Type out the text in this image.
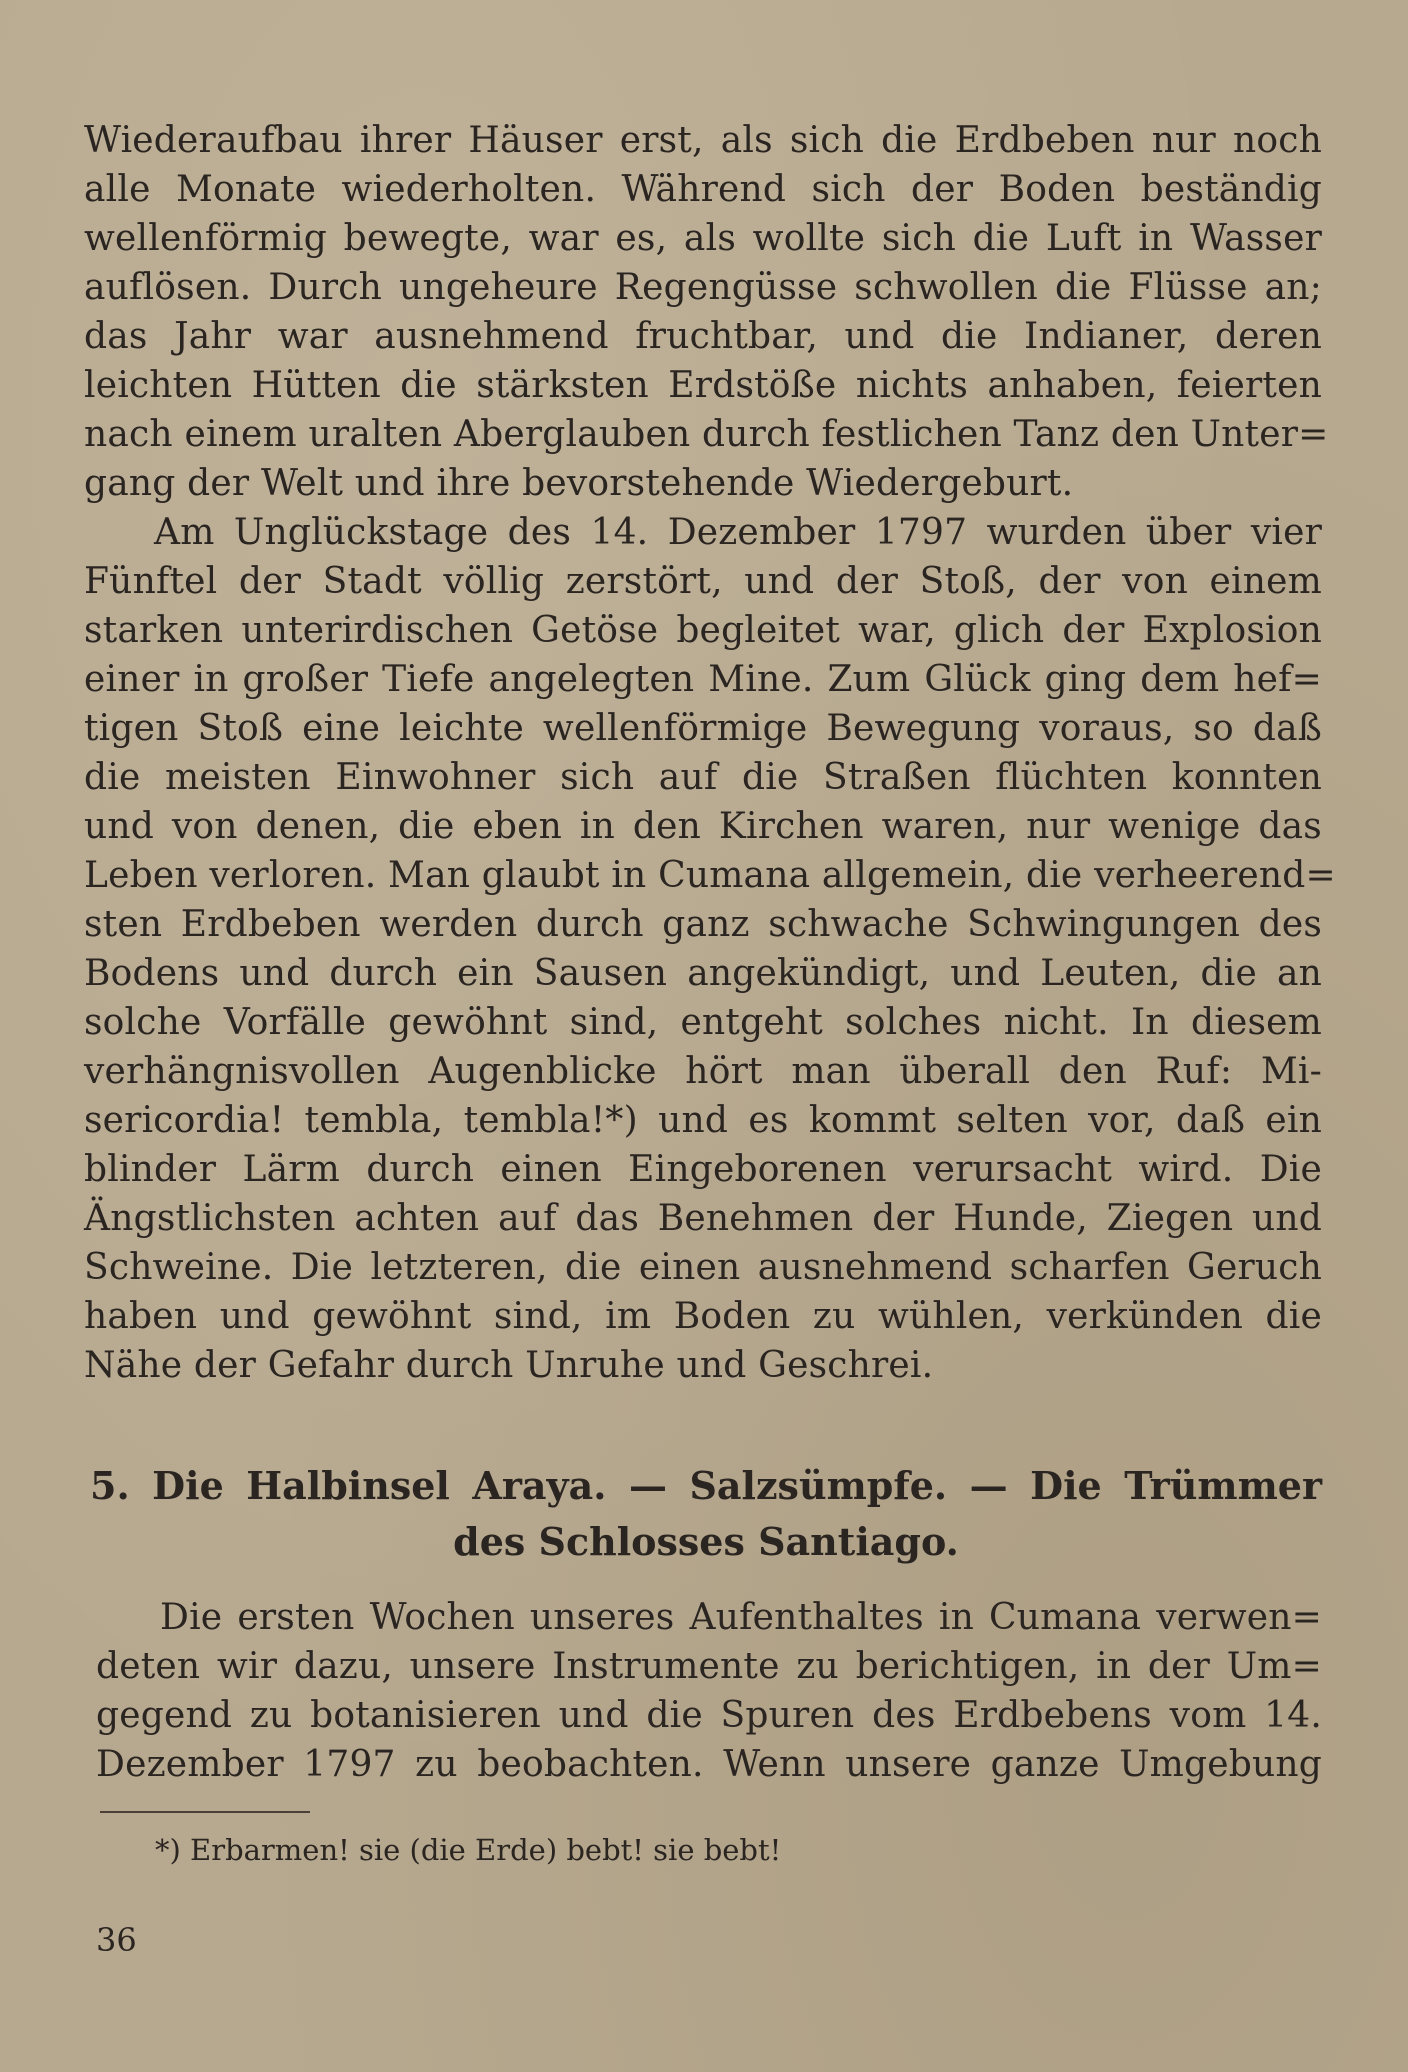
Wiederaufbau ihrer Häuser erst, als sich die Erdbeben nur noch
alle Monate wiederholten. Während sich der Boden beständig
wellenförmig bewegte, war es, als wollte sich die Luft in Wasser
auflösen. Durch ungeheure Regengüsse schwollen die Flüsse an;
das Jahr war ausnehmend fruchtbar, und die Indianer, deren
leichten Hütten die stärksten Erdstöße nichts anhaben, feierten
nach einem uralten Aberglauben durch festlichen Tanz den Unter=
gang der Welt und ihre bevorstehende Wiedergeburt.
Am Unglückstage des 14. Dezember 1797 wurden über vier
Fünftel der Stadt völlig zerstört, und der Stoß, der von einem
starken unterirdischen Getöse begleitet war, glich der Explosion
einer in großer Tiefe angelegten Mine. Zum Glück ging dem hef=
tigen Stoß eine leichte wellenförmige Bewegung voraus, so daß
die meisten Einwohner sich auf die Straßen flüchten konnten
und von denen, die eben in den Kirchen waren, nur wenige das
Leben verloren. Man glaubt in Cumana allgemein, die verheerend=
sten Erdbeben werden durch ganz schwache Schwingungen des
Bodens und durch ein Sausen angekündigt, und Leuten, die an
solche Vorfälle gewöhnt sind, entgeht solches nicht. In diesem
verhängnisvollen Augenblicke hört man überall den Ruf: Mi-
sericordia! tembla, tembla!*) und es kommt selten vor, daß ein
blinder Lärm durch einen Eingeborenen verursacht wird. Die
Ängstlichsten achten auf das Benehmen der Hunde, Ziegen und
Schweine. Die letzteren, die einen ausnehmend scharfen Geruch
haben und gewöhnt sind, im Boden zu wühlen, verkünden die
Nähe der Gefahr durch Unruhe und Geschrei.
5. Die Halbinsel Araya. — Salzsümpfe. — Die Trümmer
des Schlosses Santiago.
Die ersten Wochen unseres Aufenthaltes in Cumana verwen=
deten wir dazu, unsere Instrumente zu berichtigen, in der Um=
gegend zu botanisieren und die Spuren des Erdbebens vom 14.
Dezember 1797 zu beobachten. Wenn unsere ganze Umgebung
*) Erbarmen! sie (die Erde) bebt! sie bebt!
36
